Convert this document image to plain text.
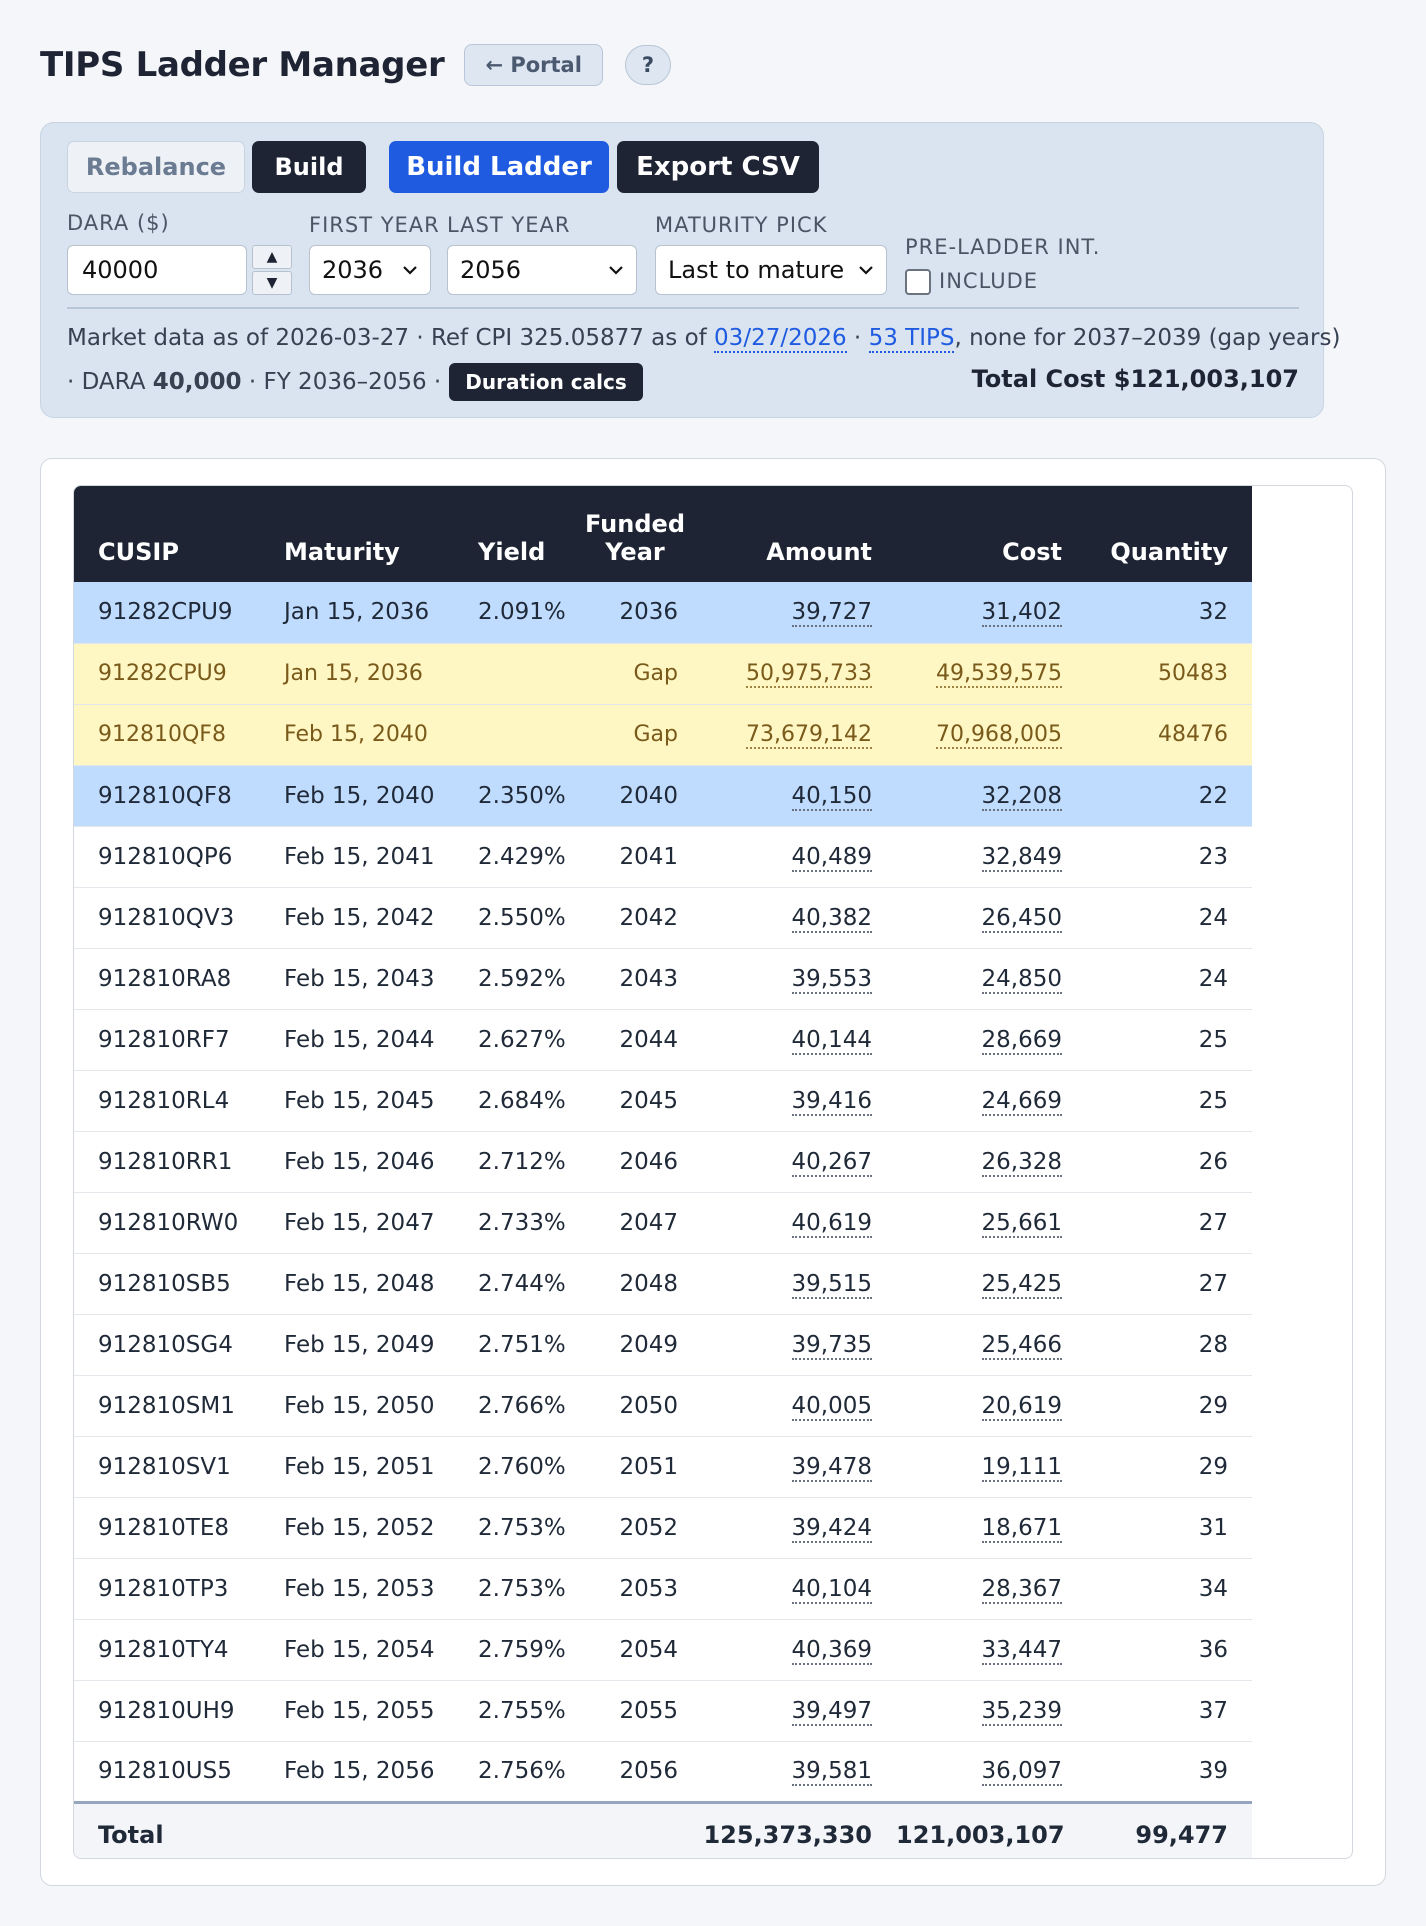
TIPS Ladder Manager	← Portal	?
Rebalance	Build	Build Ladder	Export CSV
DARA ($)
40000	▲
▼
FIRST YEAR
2036
LAST YEAR
2056
MATURITY PICK
Last to mature
PRE-LADDER INT.
INCLUDE
Market data as of 2026-03-27 · Ref CPI 325.05877 as of 03/27/2026 · 53 TIPS, none for 2037–2039 (gap years)
· DARA 40,000 · FY 2036–2056 ·	Duration calcs	Total Cost $121,003,107
CUSIP	Maturity	Yield	Funded Year	Amount	Cost	Quantity
91282CPU9	Jan 15, 2036	2.091%	2036	39,727	31,402	32
91282CPU9	Jan 15, 2036		Gap	50,975,733	49,539,575	50483
912810QF8	Feb 15, 2040		Gap	73,679,142	70,968,005	48476
912810QF8	Feb 15, 2040	2.350%	2040	40,150	32,208	22
912810QP6	Feb 15, 2041	2.429%	2041	40,489	32,849	23
912810QV3	Feb 15, 2042	2.550%	2042	40,382	26,450	24
912810RA8	Feb 15, 2043	2.592%	2043	39,553	24,850	24
912810RF7	Feb 15, 2044	2.627%	2044	40,144	28,669	25
912810RL4	Feb 15, 2045	2.684%	2045	39,416	24,669	25
912810RR1	Feb 15, 2046	2.712%	2046	40,267	26,328	26
912810RW0	Feb 15, 2047	2.733%	2047	40,619	25,661	27
912810SB5	Feb 15, 2048	2.744%	2048	39,515	25,425	27
912810SG4	Feb 15, 2049	2.751%	2049	39,735	25,466	28
912810SM1	Feb 15, 2050	2.766%	2050	40,005	20,619	29
912810SV1	Feb 15, 2051	2.760%	2051	39,478	19,111	29
912810TE8	Feb 15, 2052	2.753%	2052	39,424	18,671	31
912810TP3	Feb 15, 2053	2.753%	2053	40,104	28,367	34
912810TY4	Feb 15, 2054	2.759%	2054	40,369	33,447	36
912810UH9	Feb 15, 2055	2.755%	2055	39,497	35,239	37
912810US5	Feb 15, 2056	2.756%	2056	39,581	36,097	39
Total				125,373,330	121,003,107	99,477
